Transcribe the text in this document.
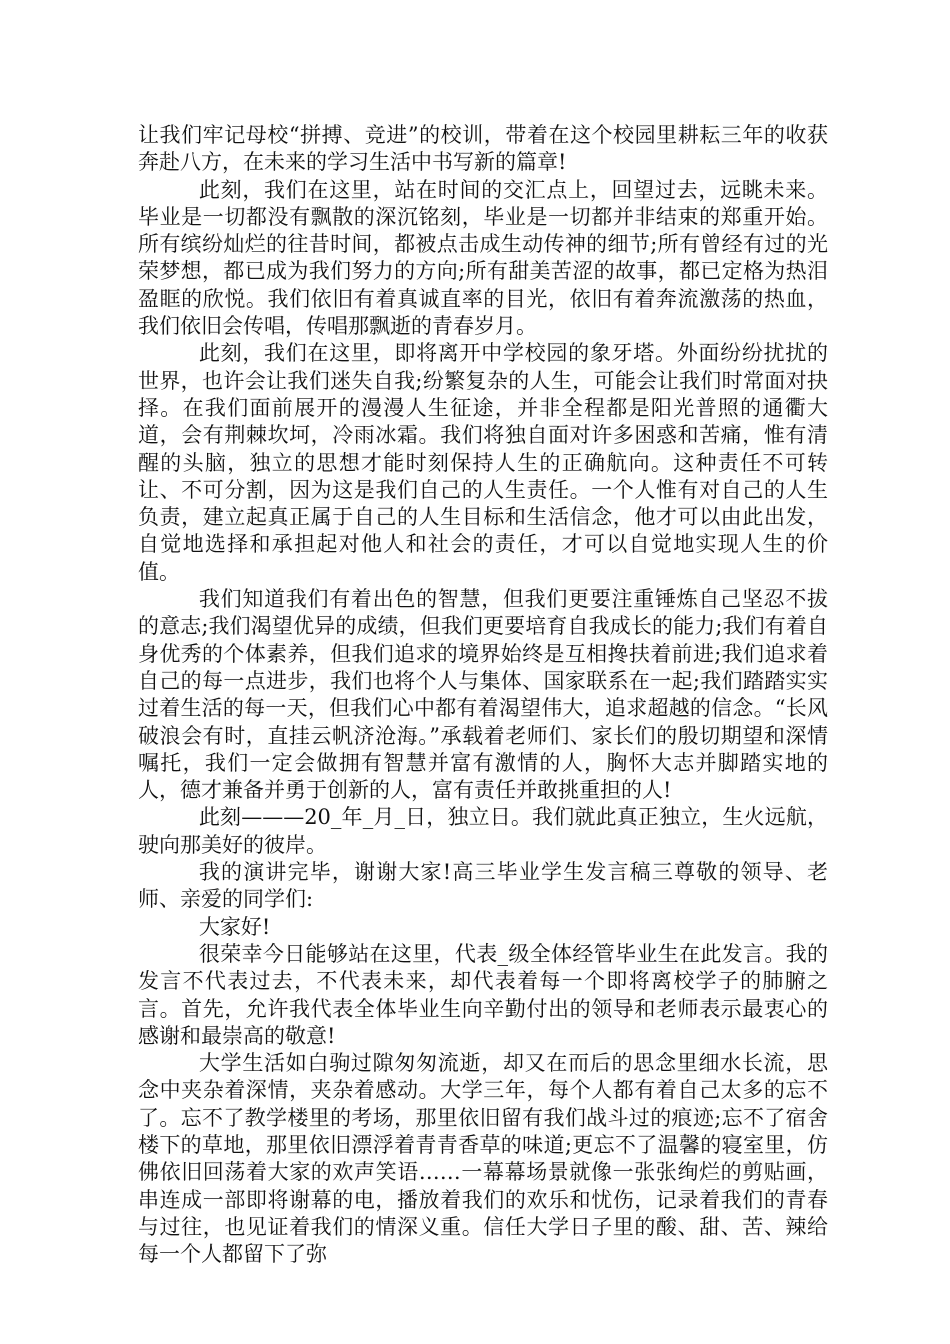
让我们牢记母校“拼搏、竞进”的校训，带着在这个校园里耕耘三年的收获奔赴八方，在未来的学习生活中书写新的篇章!

此刻，我们在这里，站在时间的交汇点上，回望过去，远眺未来。毕业是一切都没有飘散的深沉铭刻，毕业是一切都并非结束的郑重开始。所有缤纷灿烂的往昔时间，都被点击成生动传神的细节;所有曾经有过的光荣梦想，都已成为我们努力的方向;所有甜美苦涩的故事，都已定格为热泪盈眶的欣悦。我们依旧有着真诚直率的目光，依旧有着奔流激荡的热血，我们依旧会传唱，传唱那飘逝的青春岁月。

此刻，我们在这里，即将离开中学校园的象牙塔。外面纷纷扰扰的世界，也许会让我们迷失自我;纷繁复杂的人生，可能会让我们时常面对抉择。在我们面前展开的漫漫人生征途，并非全程都是阳光普照的通衢大道，会有荆棘坎坷，冷雨冰霜。我们将独自面对许多困惑和苦痛，惟有清醒的头脑，独立的思想才能时刻保持人生的正确航向。这种责任不可转让、不可分割，因为这是我们自己的人生责任。一个人惟有对自己的人生负责，建立起真正属于自己的人生目标和生活信念，他才可以由此出发，自觉地选择和承担起对他人和社会的责任，才可以自觉地实现人生的价值。

我们知道我们有着出色的智慧，但我们更要注重锤炼自己坚忍不拔的意志;我们渴望优异的成绩，但我们更要培育自我成长的能力;我们有着自身优秀的个体素养，但我们追求的境界始终是互相搀扶着前进;我们追求着自己的每一点进步，我们也将个人与集体、国家联系在一起;我们踏踏实实过着生活的每一天，但我们心中都有着渴望伟大，追求超越的信念。“长风破浪会有时，直挂云帆济沧海。”承载着老师们、家长们的殷切期望和深情嘱托，我们一定会做拥有智慧并富有激情的人，胸怀大志并脚踏实地的人，德才兼备并勇于创新的人，富有责任并敢挑重担的人!

此刻———20_年_月_日，独立日。我们就此真正独立，生火远航，驶向那美好的彼岸。

我的演讲完毕，谢谢大家!高三毕业学生发言稿三尊敬的领导、老师、亲爱的同学们:

大家好!

很荣幸今日能够站在这里，代表_级全体经管毕业生在此发言。我的发言不代表过去，不代表未来，却代表着每一个即将离校学子的肺腑之言。首先，允许我代表全体毕业生向辛勤付出的领导和老师表示最衷心的感谢和最崇高的敬意!

大学生活如白驹过隙匆匆流逝，却又在而后的思念里细水长流，思念中夹杂着深情，夹杂着感动。大学三年，每个人都有着自己太多的忘不了。忘不了教学楼里的考场，那里依旧留有我们战斗过的痕迹;忘不了宿舍楼下的草地，那里依旧漂浮着青青香草的味道;更忘不了温馨的寝室里，仿佛依旧回荡着大家的欢声笑语……一幕幕场景就像一张张绚烂的剪贴画，串连成一部即将谢幕的电，播放着我们的欢乐和忧伤，记录着我们的青春与过往，也见证着我们的情深义重。信任大学日子里的酸、甜、苦、辣给每一个人都留下了弥
